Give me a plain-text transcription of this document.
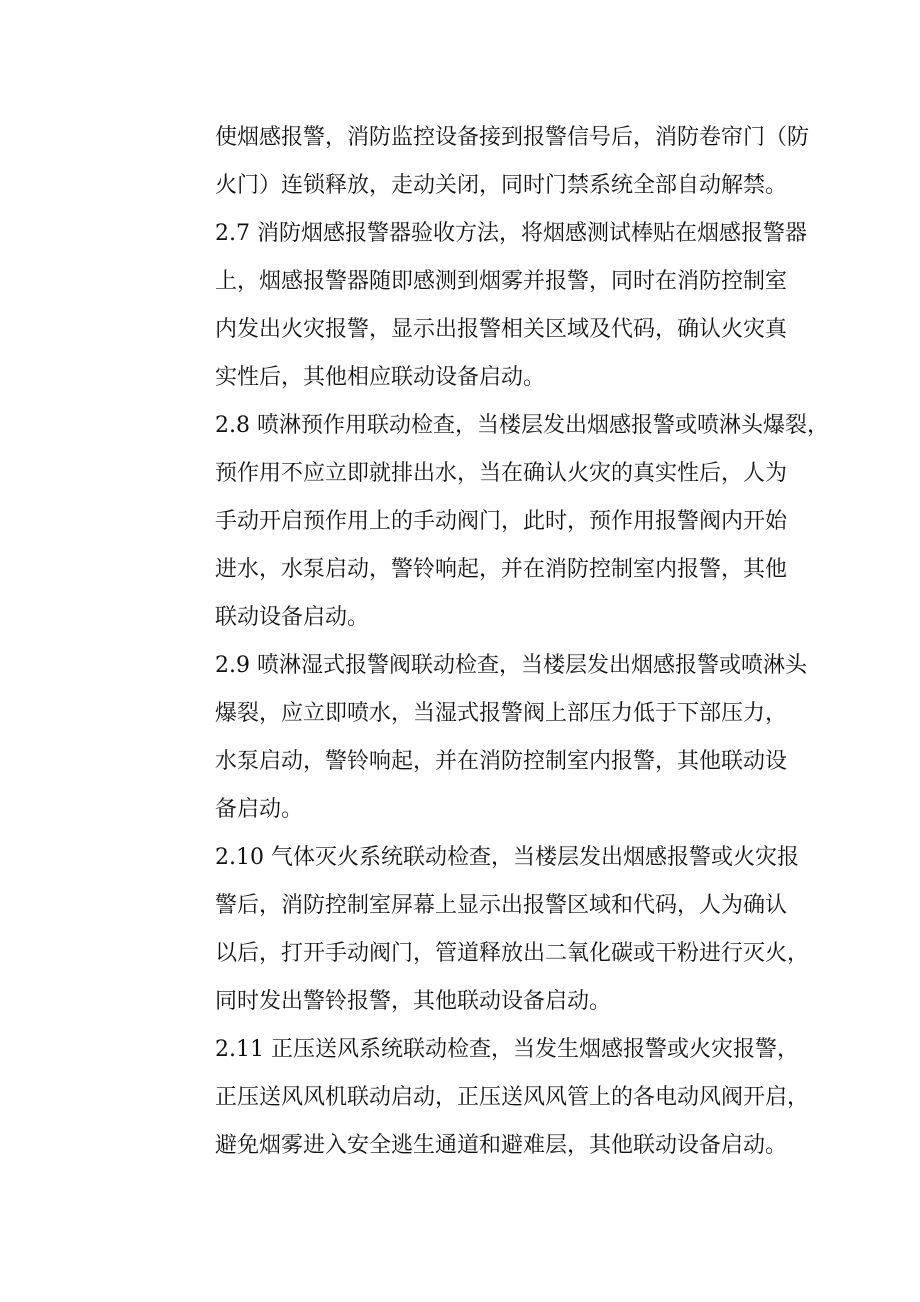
使烟感报警，消防监控设备接到报警信号后，消防卷帘门（防
火门）连锁释放，走动关闭，同时门禁系统全部自动解禁。
2.7 消防烟感报警器验收方法，将烟感测试棒贴在烟感报警器
上，烟感报警器随即感测到烟雾并报警，同时在消防控制室
内发出火灾报警，显示出报警相关区域及代码，确认火灾真
实性后，其他相应联动设备启动。
2.8 喷淋预作用联动检查，当楼层发出烟感报警或喷淋头爆裂，
预作用不应立即就排出水，当在确认火灾的真实性后，人为
手动开启预作用上的手动阀门，此时，预作用报警阀内开始
进水，水泵启动，警铃响起，并在消防控制室内报警，其他
联动设备启动。
2.9 喷淋湿式报警阀联动检查，当楼层发出烟感报警或喷淋头
爆裂，应立即喷水，当湿式报警阀上部压力低于下部压力，
水泵启动，警铃响起，并在消防控制室内报警，其他联动设
备启动。
2.10 气体灭火系统联动检查，当楼层发出烟感报警或火灾报
警后，消防控制室屏幕上显示出报警区域和代码，人为确认
以后，打开手动阀门，管道释放出二氧化碳或干粉进行灭火，
同时发出警铃报警，其他联动设备启动。
2.11 正压送风系统联动检查，当发生烟感报警或火灾报警，
正压送风风机联动启动，正压送风风管上的各电动风阀开启，
避免烟雾进入安全逃生通道和避难层，其他联动设备启动。
